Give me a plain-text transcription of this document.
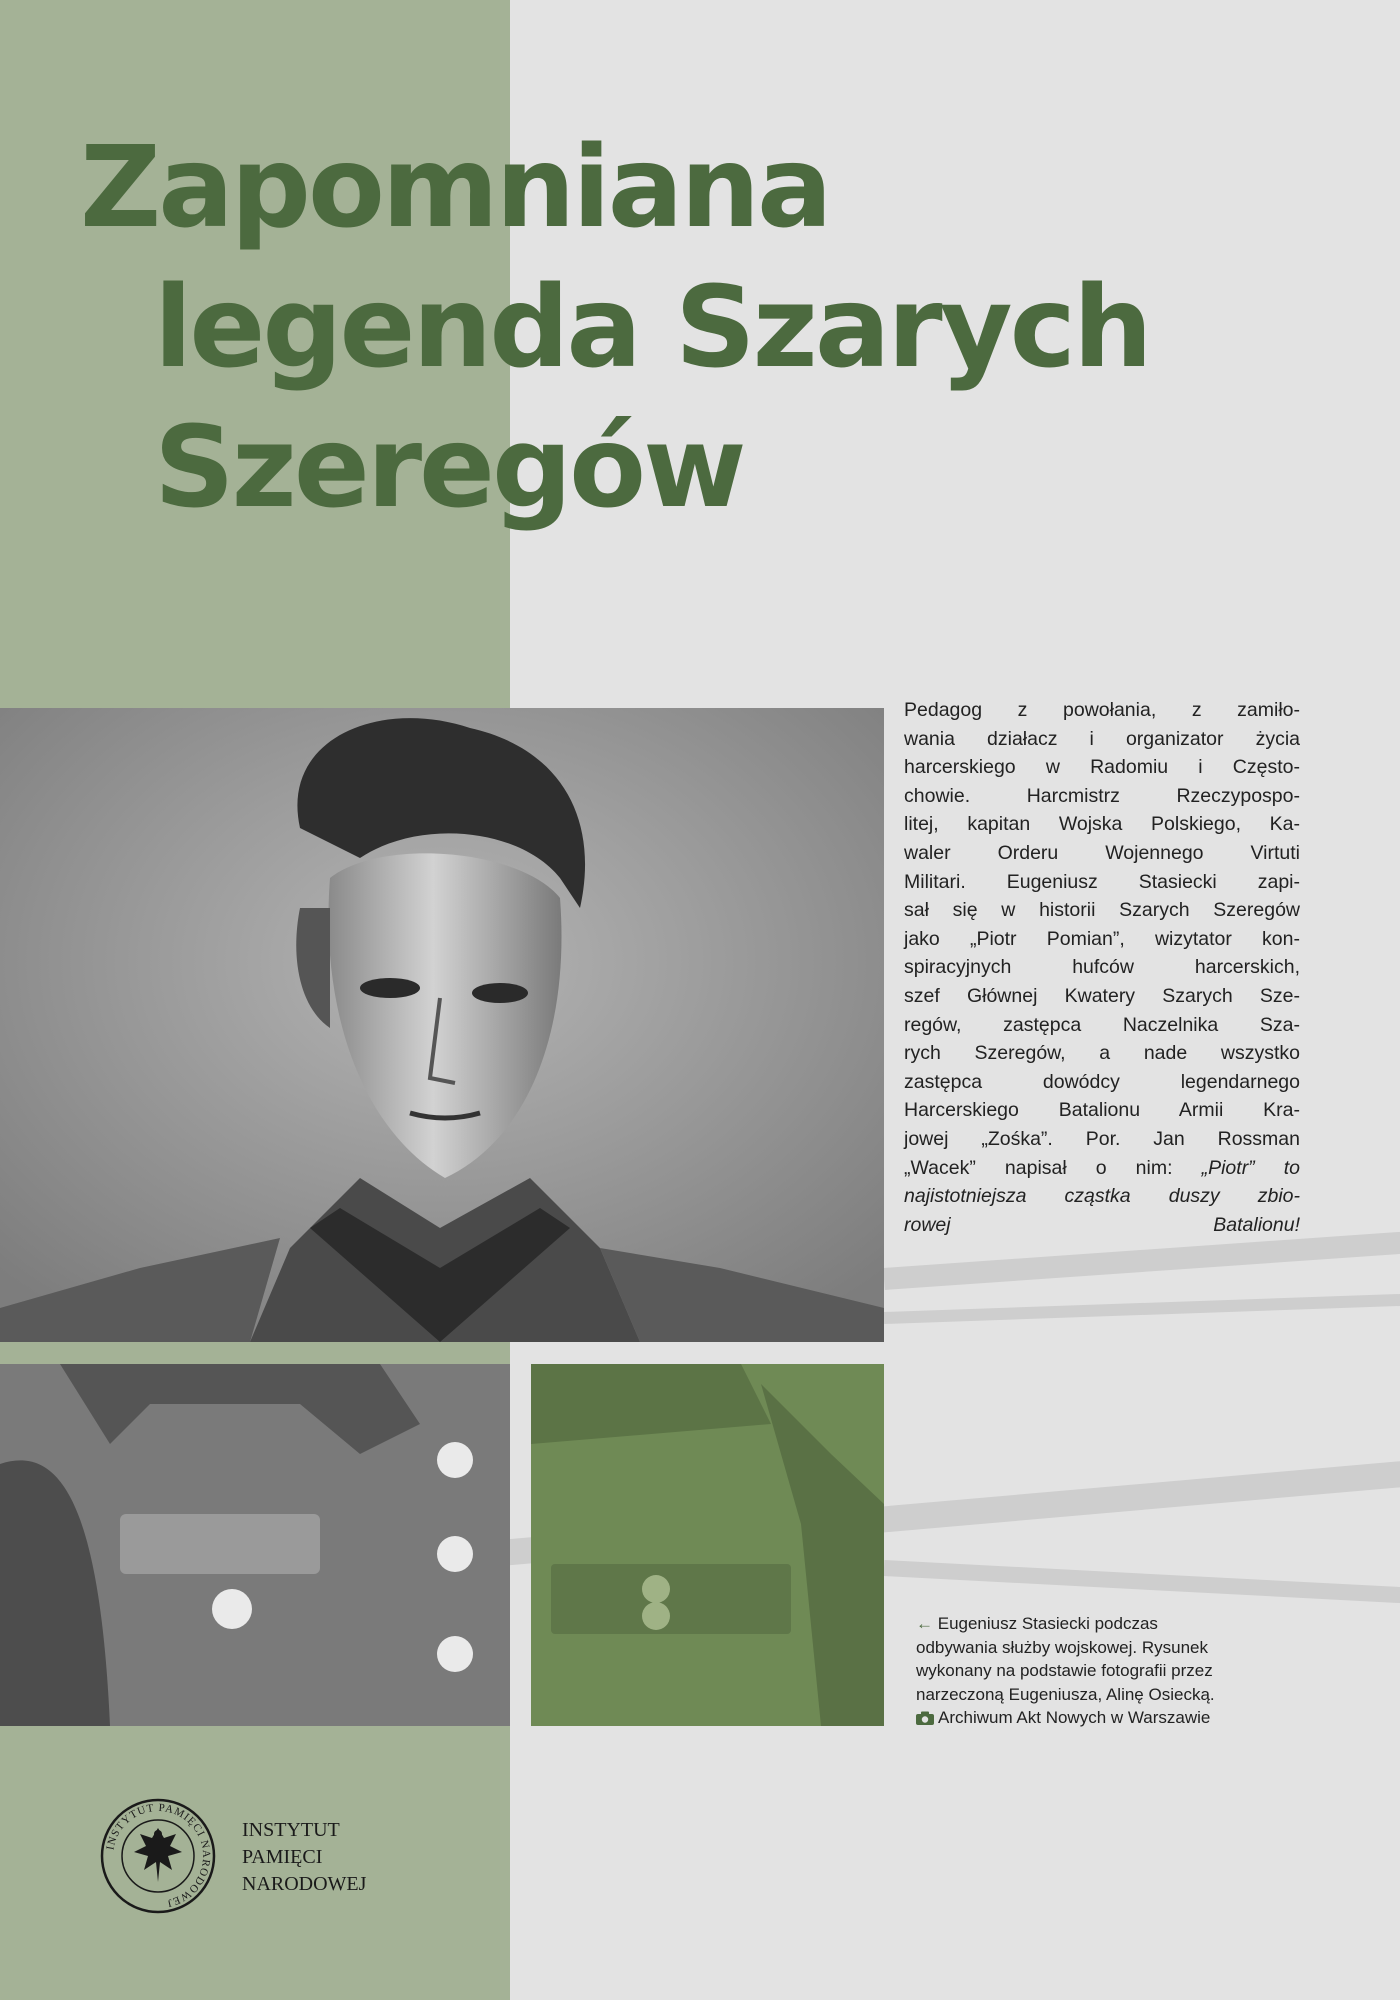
Zapomniana
legenda Szarych
Szeregów

Pedagog z powołania, z zamiło-
wania działacz i organizator życia
harcerskiego w Radomiu i Często-
chowie. Harcmistrz Rzeczypospo-
litej, kapitan Wojska Polskiego, Ka-
waler Orderu Wojennego Virtuti
Militari. Eugeniusz Stasiecki zapi-
sał się w historii Szarych Szeregów
jako „Piotr Pomian”, wizytator kon-
spiracyjnych hufców harcerskich,
szef Głównej Kwatery Szarych Sze-
regów, zastępca Naczelnika Sza-
rych Szeregów, a nade wszystko
zastępca dowódcy legendarnego
Harcerskiego Batalionu Armii Kra-
jowej „Zośka”. Por. Jan Rossman
„Wacek” napisał o nim: „Piotr” to
najistotniejsza cząstka duszy zbio-
rowej Batalionu!

← Eugeniusz Stasiecki podczas
odbywania służby wojskowej. Rysunek
wykonany na podstawie fotografii przez
narzeczoną Eugeniusza, Alinę Osiecką.
Archiwum Akt Nowych w Warszawie
INSTYTUT PAMIĘCI NARODOWEJ
INSTYTUT
PAMIĘCI
NARODOWEJ
